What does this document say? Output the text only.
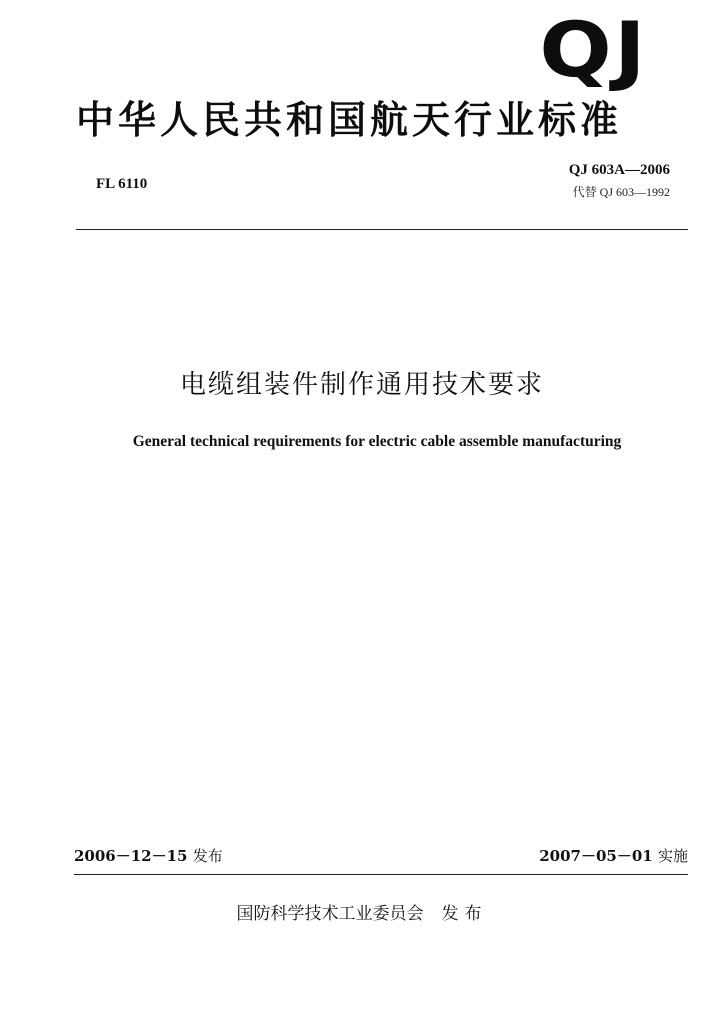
QJ
中华人民共和国航天行业标准
FL 6110
QJ 603A—2006
代替 QJ 603—1992
电缆组装件制作通用技术要求
General technical requirements for electric cable assemble manufacturing
2006－12－15 发布	2007－05－01 实施
国防科学技术工业委员会 发布
